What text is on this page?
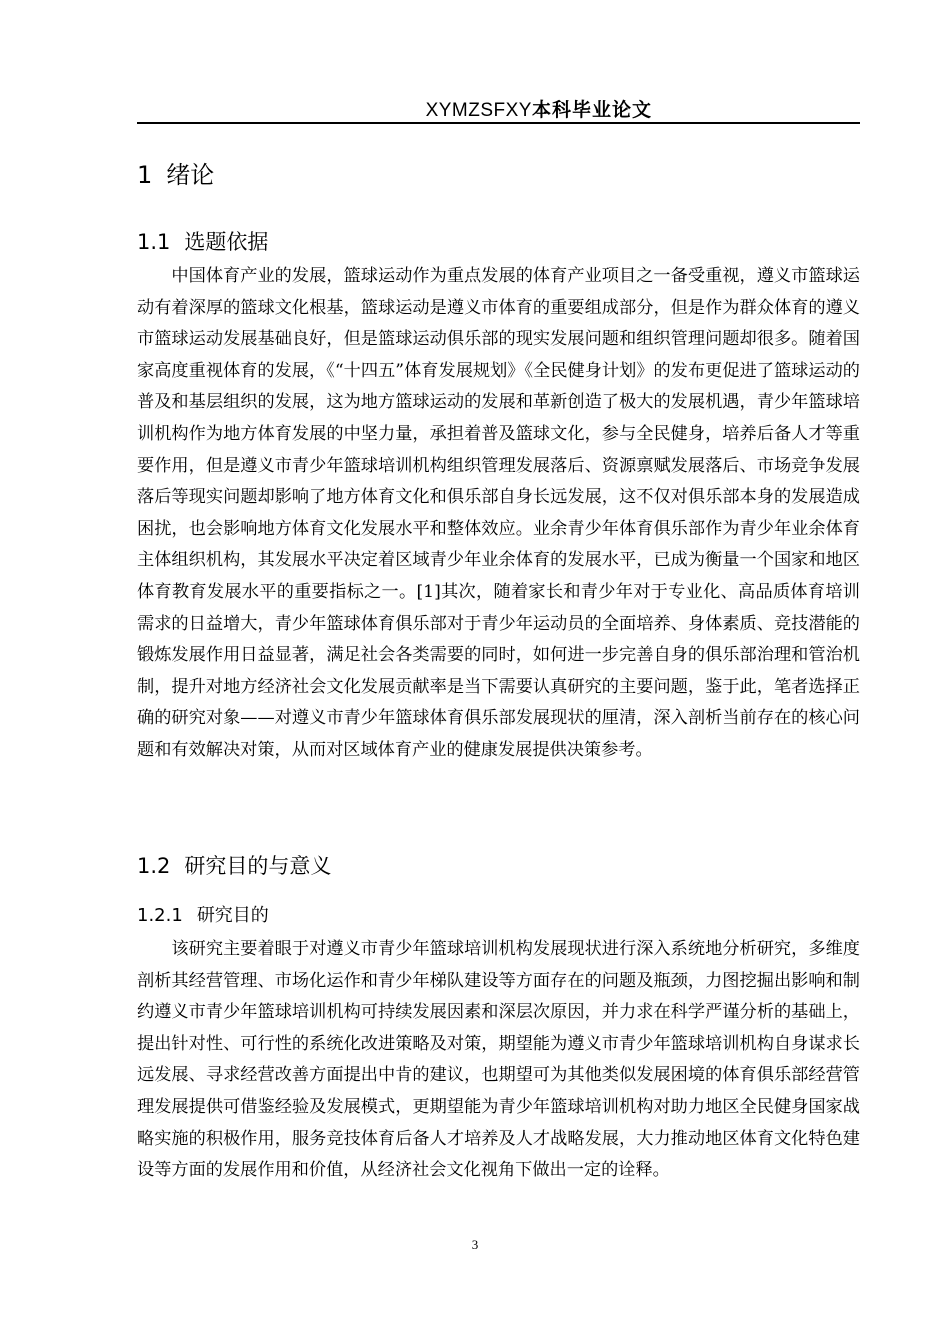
XYMZSFXY本科毕业论文
1 绪论
1.1 选题依据

中国体育产业的发展，篮球运动作为重点发展的体育产业项目之一备受重视，遵义市篮球运动有着深厚的篮球文化根基，篮球运动是遵义市体育的重要组成部分，但是作为群众体育的遵义市篮球运动发展基础良好，但是篮球运动俱乐部的现实发展问题和组织管理问题却很多。随着国家高度重视体育的发展，《“十四五”体育发展规划》《全民健身计划》的发布更促进了篮球运动的普及和基层组织的发展，这为地方篮球运动的发展和革新创造了极大的发展机遇，青少年篮球培训机构作为地方体育发展的中坚力量，承担着普及篮球文化，参与全民健身，培养后备人才等重要作用，但是遵义市青少年篮球培训机构组织管理发展落后、资源禀赋发展落后、市场竞争发展落后等现实问题却影响了地方体育文化和俱乐部自身长远发展，这不仅对俱乐部本身的发展造成困扰，也会影响地方体育文化发展水平和整体效应。业余青少年体育俱乐部作为青少年业余体育主体组织机构，其发展水平决定着区域青少年业余体育的发展水平，已成为衡量一个国家和地区体育教育发展水平的重要指标之一。[1]其次，随着家长和青少年对于专业化、高品质体育培训需求的日益增大，青少年篮球体育俱乐部对于青少年运动员的全面培养、身体素质、竞技潜能的锻炼发展作用日益显著，满足社会各类需要的同时，如何进一步完善自身的俱乐部治理和管治机制，提升对地方经济社会文化发展贡献率是当下需要认真研究的主要问题，鉴于此，笔者选择正确的研究对象——对遵义市青少年篮球体育俱乐部发展现状的厘清，深入剖析当前存在的核心问题和有效解决对策，从而对区域体育产业的健康发展提供决策参考。

1.2 研究目的与意义
1.2.1 研究目的

该研究主要着眼于对遵义市青少年篮球培训机构发展现状进行深入系统地分析研究，多维度剖析其经营管理、市场化运作和青少年梯队建设等方面存在的问题及瓶颈，力图挖掘出影响和制约遵义市青少年篮球培训机构可持续发展因素和深层次原因，并力求在科学严谨分析的基础上，提出针对性、可行性的系统化改进策略及对策，期望能为遵义市青少年篮球培训机构自身谋求长远发展、寻求经营改善方面提出中肯的建议，也期望可为其他类似发展困境的体育俱乐部经营管理发展提供可借鉴经验及发展模式，更期望能为青少年篮球培训机构对助力地区全民健身国家战略实施的积极作用，服务竞技体育后备人才培养及人才战略发展，大力推动地区体育文化特色建设等方面的发展作用和价值，从经济社会文化视角下做出一定的诠释。

3
